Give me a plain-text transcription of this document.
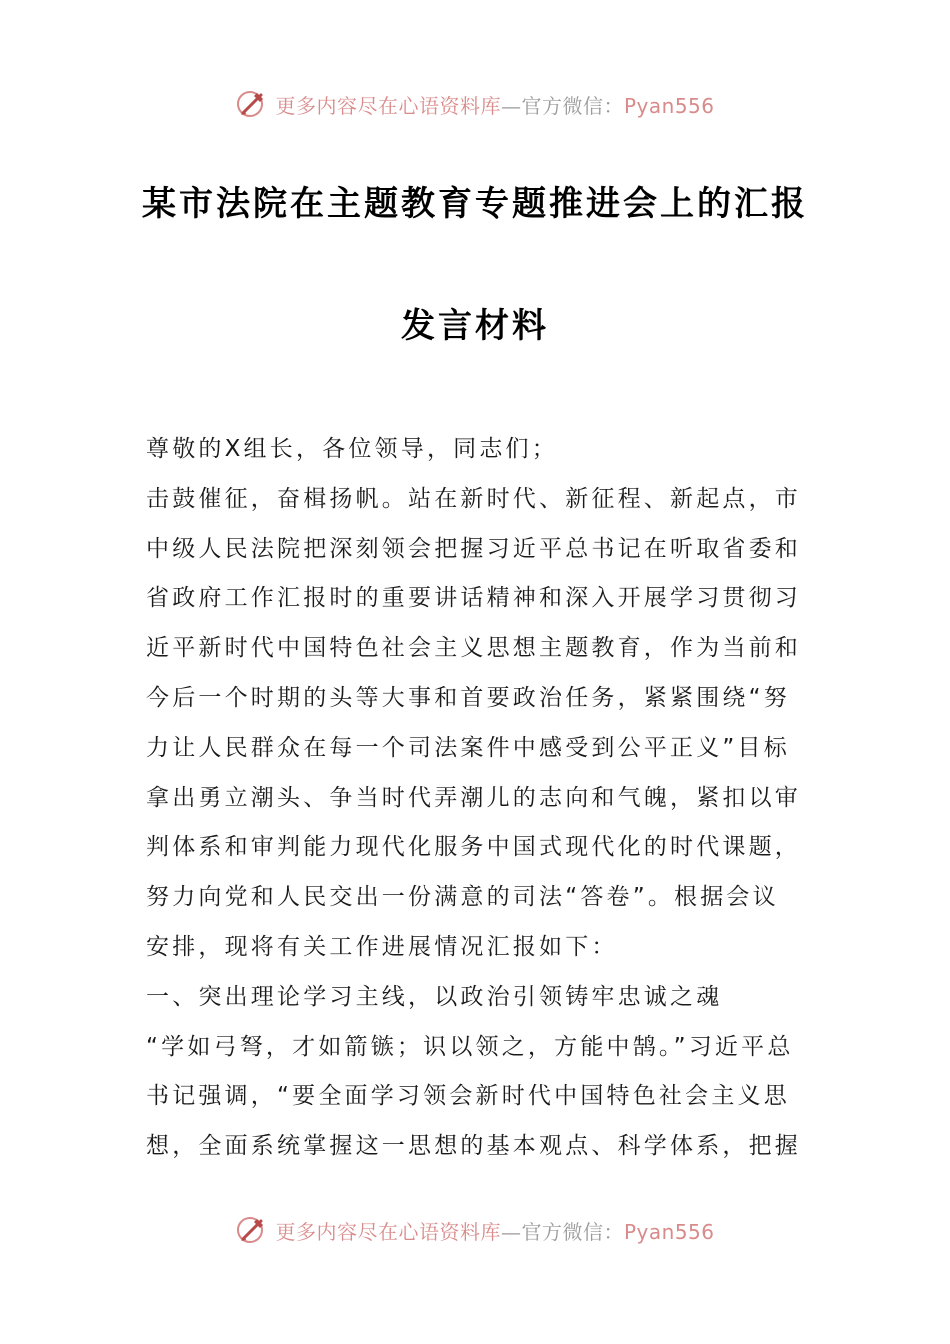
更多内容尽在心语资料库—官方微信：Pyan556
某市法院在主题教育专题推进会上的汇报
发言材料
尊敬的X组长，各位领导，同志们；
击鼓催征，奋楫扬帆。站在新时代、新征程、新起点，市
中级人民法院把深刻领会把握习近平总书记在听取省委和
省政府工作汇报时的重要讲话精神和深入开展学习贯彻习
近平新时代中国特色社会主义思想主题教育，作为当前和
今后一个时期的头等大事和首要政治任务，紧紧围绕“努
力让人民群众在每一个司法案件中感受到公平正义”目标
拿出勇立潮头、争当时代弄潮儿的志向和气魄，紧扣以审
判体系和审判能力现代化服务中国式现代化的时代课题，
努力向党和人民交出一份满意的司法“答卷”。根据会议
安排，现将有关工作进展情况汇报如下：
一、突出理论学习主线，以政治引领铸牢忠诚之魂
“学如弓弩，才如箭镞；识以领之，方能中鹄。”习近平总
书记强调，“要全面学习领会新时代中国特色社会主义思
想，全面系统掌握这一思想的基本观点、科学体系，把握
更多内容尽在心语资料库—官方微信：Pyan556
